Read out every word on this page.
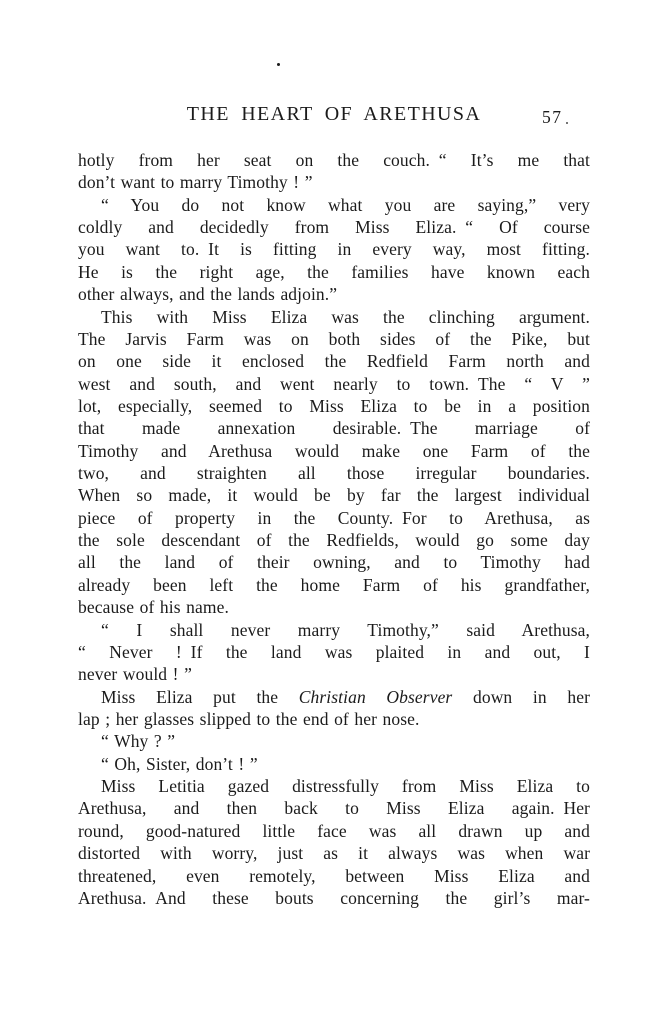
THE HEART OF ARETHUSA	57
hotly from her seat on the couch. “ It’s me that
don’t want to marry Timothy ! ”
“ You do not know what you are saying,” very
coldly and decidedly from Miss Eliza. “ Of course
you want to. It is fitting in every way, most fitting.
He is the right age, the families have known each
other always, and the lands adjoin.”
This with Miss Eliza was the clinching argument.
The Jarvis Farm was on both sides of the Pike, but
on one side it enclosed the Redfield Farm north and
west and south, and went nearly to town. The “ V ”
lot, especially, seemed to Miss Eliza to be in a position
that made annexation desirable. The marriage of
Timothy and Arethusa would make one Farm of the
two, and straighten all those irregular boundaries.
When so made, it would be by far the largest individual
piece of property in the County. For to Arethusa, as
the sole descendant of the Redfields, would go some day
all the land of their owning, and to Timothy had
already been left the home Farm of his grandfather,
because of his name.
“ I shall never marry Timothy,” said Arethusa,
“ Never ! If the land was plaited in and out, I
never would ! ”
Miss Eliza put the Christian Observer down in her
lap ; her glasses slipped to the end of her nose.
“ Why ? ”
“ Oh, Sister, don’t ! ”
Miss Letitia gazed distressfully from Miss Eliza to
Arethusa, and then back to Miss Eliza again. Her
round, good-natured little face was all drawn up and
distorted with worry, just as it always was when war
threatened, even remotely, between Miss Eliza and
Arethusa. And these bouts concerning the girl’s mar-
